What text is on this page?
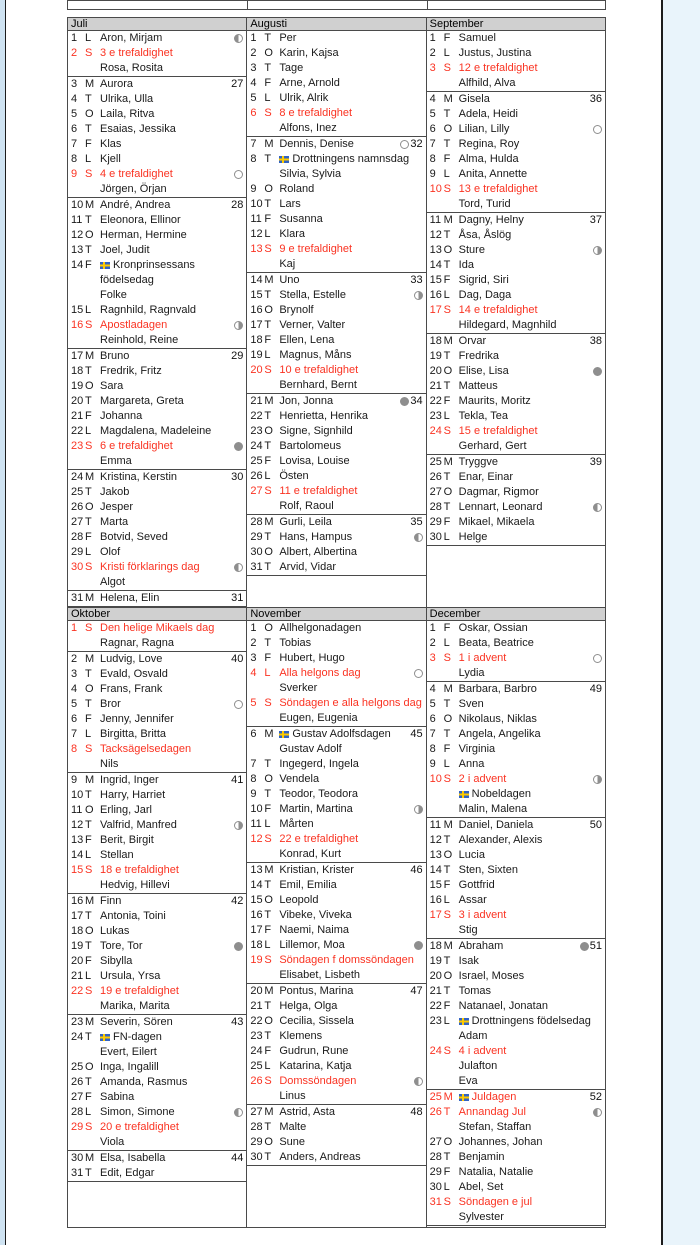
Juli
1 L Aron, Mirjam
2 S 3 e trefaldighet
Rosa, Rosita
3 M Aurora	27
4 T Ulrika, Ulla
5 O Laila, Ritva
6 T Esaias, Jessika
7 F Klas
8 L Kjell
9 S 4 e trefaldighet
Jörgen, Örjan
10 M André, Andrea	28
11 T Eleonora, Ellinor
12 O Herman, Hermine
13 T Joel, Judit
14 F	Kronprinsessans
födelsedag
Folke
15 L Ragnhild, Ragnvald
16 S Apostladagen
Reinhold, Reine
17 M Bruno	29
18 T Fredrik, Fritz
19 O Sara
20 T Margareta, Greta
21 F Johanna
22 L Magdalena, Madeleine
23 S 6 e trefaldighet
Emma
24 M Kristina, Kerstin	30
25 T Jakob
26 O Jesper
27 T Marta
28 F Botvid, Seved
29 L Olof
30 S Kristi förklarings dag
Algot
31 M Helena, Elin	31
Augusti
1 T Per
2 O Karin, Kajsa
3 T Tage
4 F Arne, Arnold
5 L Ulrik, Alrik
6 S 8 e trefaldighet
Alfons, Inez
7 M Dennis, Denise	32
8 T	Drottningens namnsdag
Silvia, Sylvia
9 O Roland
10 T Lars
11 F Susanna
12 L Klara
13 S 9 e trefaldighet
Kaj
14 M Uno	33
15 T Stella, Estelle
16 O Brynolf
17 T Verner, Valter
18 F Ellen, Lena
19 L Magnus, Måns
20 S 10 e trefaldighet
Bernhard, Bernt
21 M Jon, Jonna	34
22 T Henrietta, Henrika
23 O Signe, Signhild
24 T Bartolomeus
25 F Lovisa, Louise
26 L Östen
27 S 11 e trefaldighet
Rolf, Raoul
28 M Gurli, Leila	35
29 T Hans, Hampus
30 O Albert, Albertina
31 T Arvid, Vidar
September
1 F Samuel
2 L Justus, Justina
3 S 12 e trefaldighet
Alfhild, Alva
4 M Gisela	36
5 T Adela, Heidi
6 O Lilian, Lilly
7 T Regina, Roy
8 F Alma, Hulda
9 L Anita, Annette
10 S 13 e trefaldighet
Tord, Turid
11 M Dagny, Helny	37
12 T Åsa, Åslög
13 O Sture
14 T Ida
15 F Sigrid, Siri
16 L Dag, Daga
17 S 14 e trefaldighet
Hildegard, Magnhild
18 M Orvar	38
19 T Fredrika
20 O Elise, Lisa
21 T Matteus
22 F Maurits, Moritz
23 L Tekla, Tea
24 S 15 e trefaldighet
Gerhard, Gert
25 M Tryggve	39
26 T Enar, Einar
27 O Dagmar, Rigmor
28 T Lennart, Leonard
29 F Mikael, Mikaela
30 L Helge
Oktober
1 S Den helige Mikaels dag
Ragnar, Ragna
2 M Ludvig, Love	40
3 T Evald, Osvald
4 O Frans, Frank
5 T Bror
6 F Jenny, Jennifer
7 L Birgitta, Britta
8 S Tacksägelsedagen
Nils
9 M Ingrid, Inger	41
10 T Harry, Harriet
11 O Erling, Jarl
12 T Valfrid, Manfred
13 F Berit, Birgit
14 L Stellan
15 S 18 e trefaldighet
Hedvig, Hillevi
16 M Finn	42
17 T Antonia, Toini
18 O Lukas
19 T Tore, Tor
20 F Sibylla
21 L Ursula, Yrsa
22 S 19 e trefaldighet
Marika, Marita
23 M Severin, Sören	43
24 T	FN-dagen
Evert, Eilert
25 O Inga, Ingalill
26 T Amanda, Rasmus
27 F Sabina
28 L Simon, Simone
29 S 20 e trefaldighet
Viola
30 M Elsa, Isabella	44
31 T Edit, Edgar
November
1 O Allhelgonadagen
2 T Tobias
3 F Hubert, Hugo
4 L Alla helgons dag
Sverker
5 S Söndagen e alla helgons dag
Eugen, Eugenia
6 M	Gustav Adolfsdagen 45
Gustav Adolf
7 T Ingegerd, Ingela
8 O Vendela
9 T Teodor, Teodora
10 F Martin, Martina
11 L Mårten
12 S 22 e trefaldighet
Konrad, Kurt
13 M Kristian, Krister	46
14 T Emil, Emilia
15 O Leopold
16 T Vibeke, Viveka
17 F Naemi, Naima
18 L Lillemor, Moa
19 S Söndagen f domssöndagen
Elisabet, Lisbeth
20 M Pontus, Marina	47
21 T Helga, Olga
22 O Cecilia, Sissela
23 T Klemens
24 F Gudrun, Rune
25 L Katarina, Katja
26 S Domssöndagen
Linus
27 M Astrid, Asta	48
28 T Malte
29 O Sune
30 T Anders, Andreas
December
1 F Oskar, Ossian
2 L Beata, Beatrice
3 S 1 i advent
Lydia
4 M Barbara, Barbro	49
5 T Sven
6 O Nikolaus, Niklas
7 T Angela, Angelika
8 F Virginia
9 L Anna
10 S 2 i advent
Nobeldagen
Malin, Malena
11 M Daniel, Daniela	50
12 T Alexander, Alexis
13 O Lucia
14 T Sten, Sixten
15 F Gottfrid
16 L Assar
17 S 3 i advent
Stig
18 M Abraham	51
19 T Isak
20 O Israel, Moses
21 T Tomas
22 F Natanael, Jonatan
23 L	Drottningens födelsedag
Adam
24 S 4 i advent
Julafton
Eva
25 M	Juldagen	52
26 T Annandag Jul
Stefan, Staffan
27 O Johannes, Johan
28 T Benjamin
29 F Natalia, Natalie
30 L Abel, Set
31 S Söndagen e jul
Sylvester
